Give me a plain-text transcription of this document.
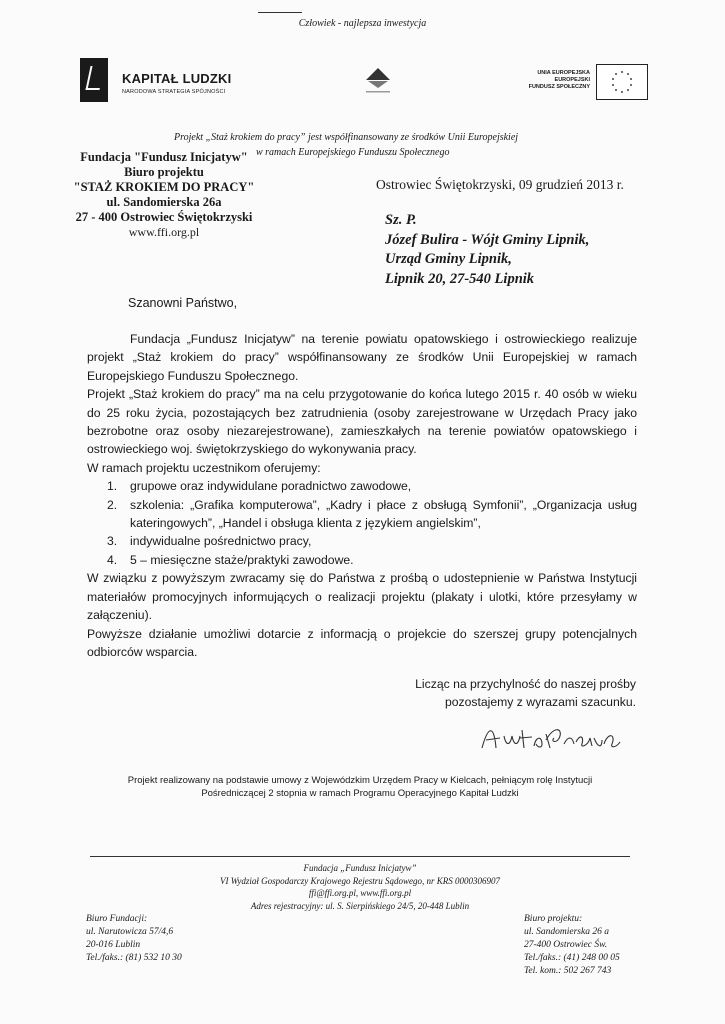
Człowiek - najlepsza inwestycja
KAPITAŁ LUDZKI
NARODOWA STRATEGIA SPÓJNOŚCI
UNIA EUROPEJSKA
EUROPEJSKI
FUNDUSZ SPOŁECZNY
Projekt „Staż krokiem do pracy” jest współfinansowany ze środków Unii Europejskiej
w ramach Europejskiego Funduszu Społecznego
Fundacja "Fundusz Inicjatyw"
Biuro projektu
"STAŻ KROKIEM DO PRACY"
ul. Sandomierska 26a
27 - 400 Ostrowiec Świętokrzyski
www.ffi.org.pl
Ostrowiec Świętokrzyski, 09 grudzień 2013 r.
Sz. P.
Józef Bulira - Wójt Gminy Lipnik,
Urząd Gminy Lipnik,
Lipnik 20, 27-540 Lipnik
Szanowni Państwo,

Fundacja „Fundusz Inicjatyw” na terenie powiatu opatowskiego i ostrowieckiego realizuje projekt „Staż krokiem do pracy” współfinansowany ze środków Unii Europejskiej w ramach Europejskiego Funduszu Społecznego.

Projekt „Staż krokiem do pracy” ma na celu przygotowanie do końca lutego 2015 r. 40 osób w wieku do 25 roku życia, pozostających bez zatrudnienia (osoby zarejestrowane w Urzędach Pracy jako bezrobotne oraz osoby niezarejestrowane), zamieszkałych na terenie powiatów opatowskiego i ostrowieckiego woj. świętokrzyskiego do wykonywania pracy.

W ramach projektu uczestnikom oferujemy:

1. grupowe oraz indywidulane poradnictwo zawodowe,
2. szkolenia: „Grafika komputerowa”, „Kadry i płace z obsługą Symfonii”, „Organizacja usług kateringowych”, „Handel i obsługa klienta z językiem angielskim”,
3. indywidualne pośrednictwo pracy,
4. 5 – miesięczne staże/praktyki zawodowe.

W związku z powyższym zwracamy się do Państwa z prośbą o udostepnienie w Państwa Instytucji materiałów promocyjnych informujących o realizacji projektu (plakaty i ulotki, które przesyłamy w załączeniu).

Powyższe działanie umożliwi dotarcie z informacją o projekcie do szerszej grupy potencjalnych odbiorców wsparcia.

Licząc na przychylność do naszej prośby
pozostajemy z wyrazami szacunku.
Projekt realizowany na podstawie umowy z Wojewódzkim Urzędem Pracy w Kielcach, pełniącym rolę Instytucji
Pośredniczącej 2 stopnia w ramach Programu Operacyjnego Kapitał Ludzki
Fundacja „Fundusz Inicjatyw”
VI Wydział Gospodarczy Krajowego Rejestru Sądowego, nr KRS 0000306907
ffi@ffi.org.pl, www.ffi.org.pl
Adres rejestracyjny: ul. S. Sierpińskiego 24/5, 20-448 Lublin
Biuro Fundacji:
ul. Narutowicza 57/4,6
20-016 Lublin
Tel./faks.: (81) 532 10 30
Biuro projektu:
ul. Sandomierska 26 a
27-400 Ostrowiec Św.
Tel./faks.: (41) 248 00 05
Tel. kom.: 502 267 743
